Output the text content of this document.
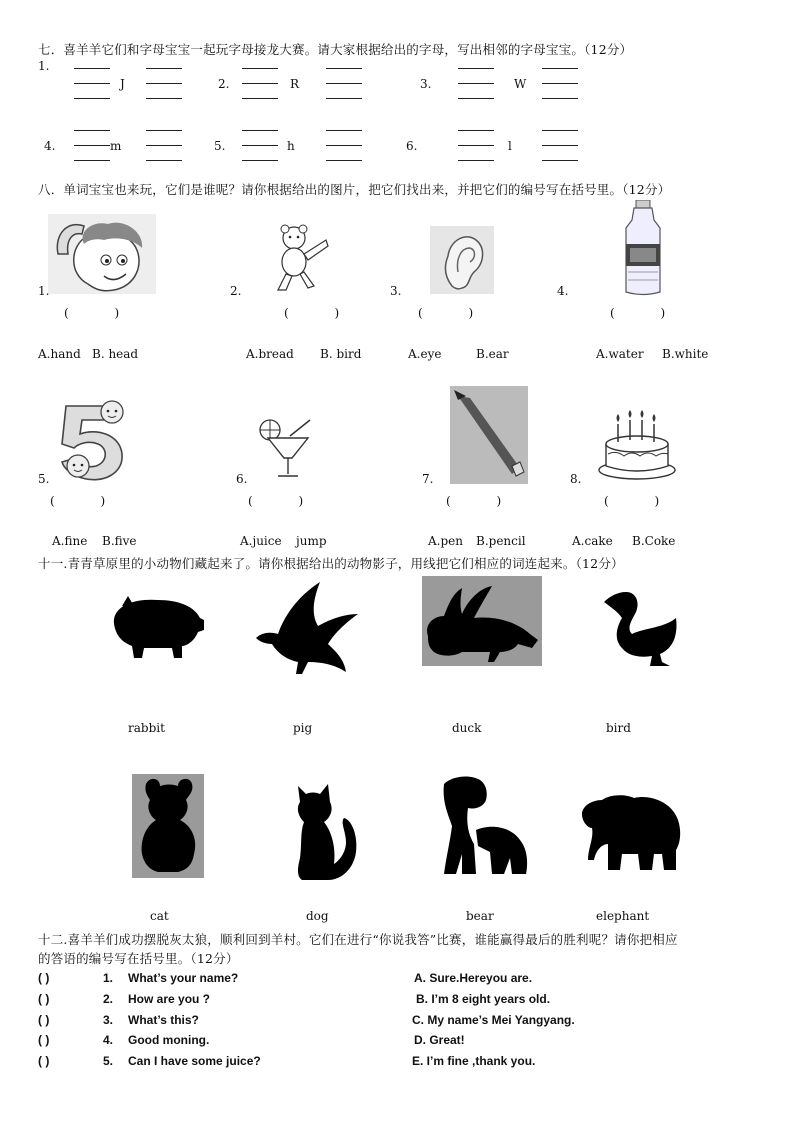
七．喜羊羊它们和字母宝宝一起玩字母接龙大赛。请大家根据给出的字母，写出相邻的字母宝宝。（12分）
1.
J	2.	R	3.	W
4.	m	5.	h	6.	l
八．单词宝宝也来玩，它们是谁呢？请你根据给出的图片，把它们找出来，并把它们的编号写在括号里。（12分）
1.	2.	3.	4.
(            )	(            )	(            )	(            )
A.hand B. head	A.bread B. bird	A.eye	B.ear	A.water B.white
5.	6.	7.	8.
(            )	(            )	(            )	(            )
A.fine B.five	A.juice jump	A.pen B.pencil	A.cake B.Coke
十一.青青草原里的小动物们藏起来了。请你根据给出的动物影子，用线把它们相应的词连起来。（12分）
rabbit	pig	duck	bird
cat	dog	bear	elephant
十二.喜羊羊们成功摆脱灰太狼，顺利回到羊村。它们在进行“你说我答”比赛，谁能赢得最后的胜利呢？请你把相应
的答语的编号写在括号里。（12分）
( )	1. What’s your name?	A. Sure.Hereyou are.
( )	2. How are you ?	B. I’m 8 eight years old.
( )	3. What’s this?	C. My name’s Mei Yangyang.
( )	4. Good moning.	D. Great!
( )	5. Can I have some juice?	E. I’m fine ,thank you.
